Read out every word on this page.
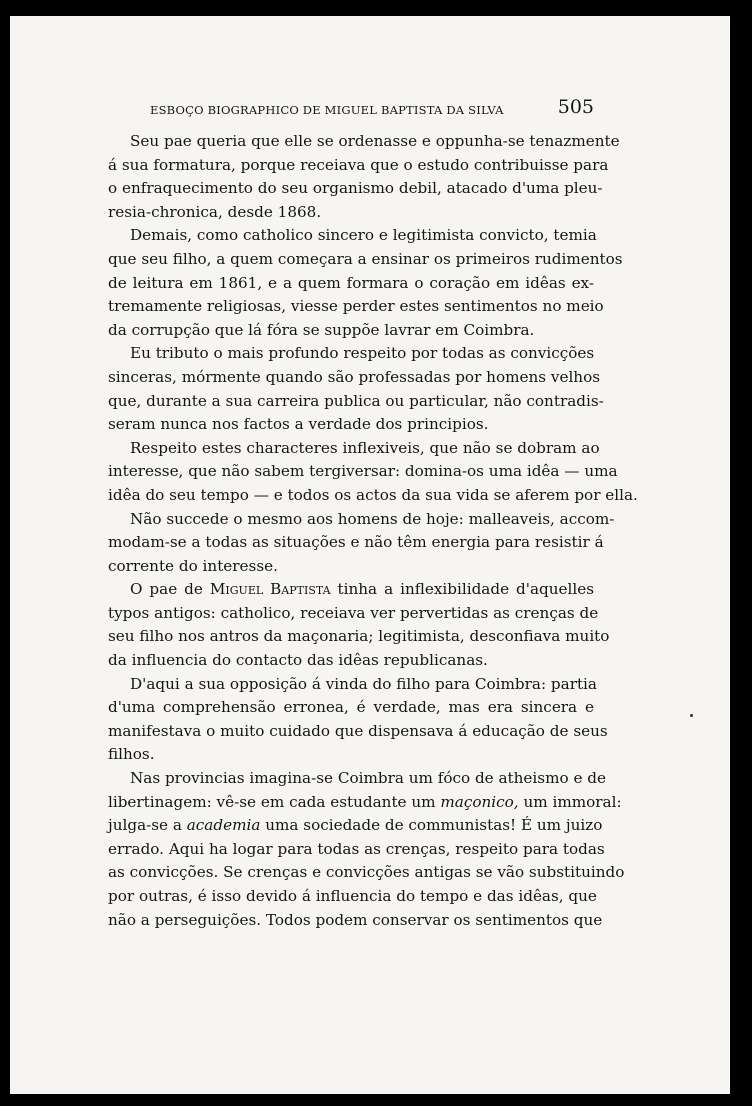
ESBOÇO BIOGRAPHICO DE MIGUEL BAPTISTA DA SILVA	505

Seu pae queria que elle se ordenasse e oppunha-se tenazmente
á sua formatura, porque receiava que o estudo contribuisse para
o enfraquecimento do seu organismo debil, atacado d'uma pleu-
resia-chronica, desde 1868.

Demais, como catholico sincero e legitimista convicto, temia
que seu filho, a quem começara a ensinar os primeiros rudimentos
de leitura em 1861, e a quem formara o coração em idêas ex-
tremamente religiosas, viesse perder estes sentimentos no meio
da corrupção que lá fóra se suppõe lavrar em Coimbra.

Eu tributo o mais profundo respeito por todas as convicções
sinceras, mórmente quando são professadas por homens velhos
que, durante a sua carreira publica ou particular, não contradis-
seram nunca nos factos a verdade dos principios.

Respeito estes characteres inflexiveis, que não se dobram ao
interesse, que não sabem tergiversar: domina-os uma idêa — uma
idêa do seu tempo — e todos os actos da sua vida se aferem por ella.

Não succede o mesmo aos homens de hoje: malleaveis, accom-
modam-se a todas as situações e não têm energia para resistir á
corrente do interesse.

O pae de Miguel Baptista tinha a inflexibilidade d'aquelles
typos antigos: catholico, receiava ver pervertidas as crenças de
seu filho nos antros da maçonaria; legitimista, desconfiava muito
da influencia do contacto das idêas republicanas.

D'aqui a sua opposição á vinda do filho para Coimbra: partia
d'uma comprehensão erronea, é verdade, mas era sincera e
manifestava o muito cuidado que dispensava á educação de seus
filhos.

Nas provincias imagina-se Coimbra um fóco de atheismo e de
libertinagem: vê-se em cada estudante um maçonico, um immoral:
julga-se a academia uma sociedade de communistas! É um juizo
errado. Aqui ha logar para todas as crenças, respeito para todas
as convicções. Se crenças e convicções antigas se vão substituindo
por outras, é isso devido á influencia do tempo e das idêas, que
não a perseguições. Todos podem conservar os sentimentos que
